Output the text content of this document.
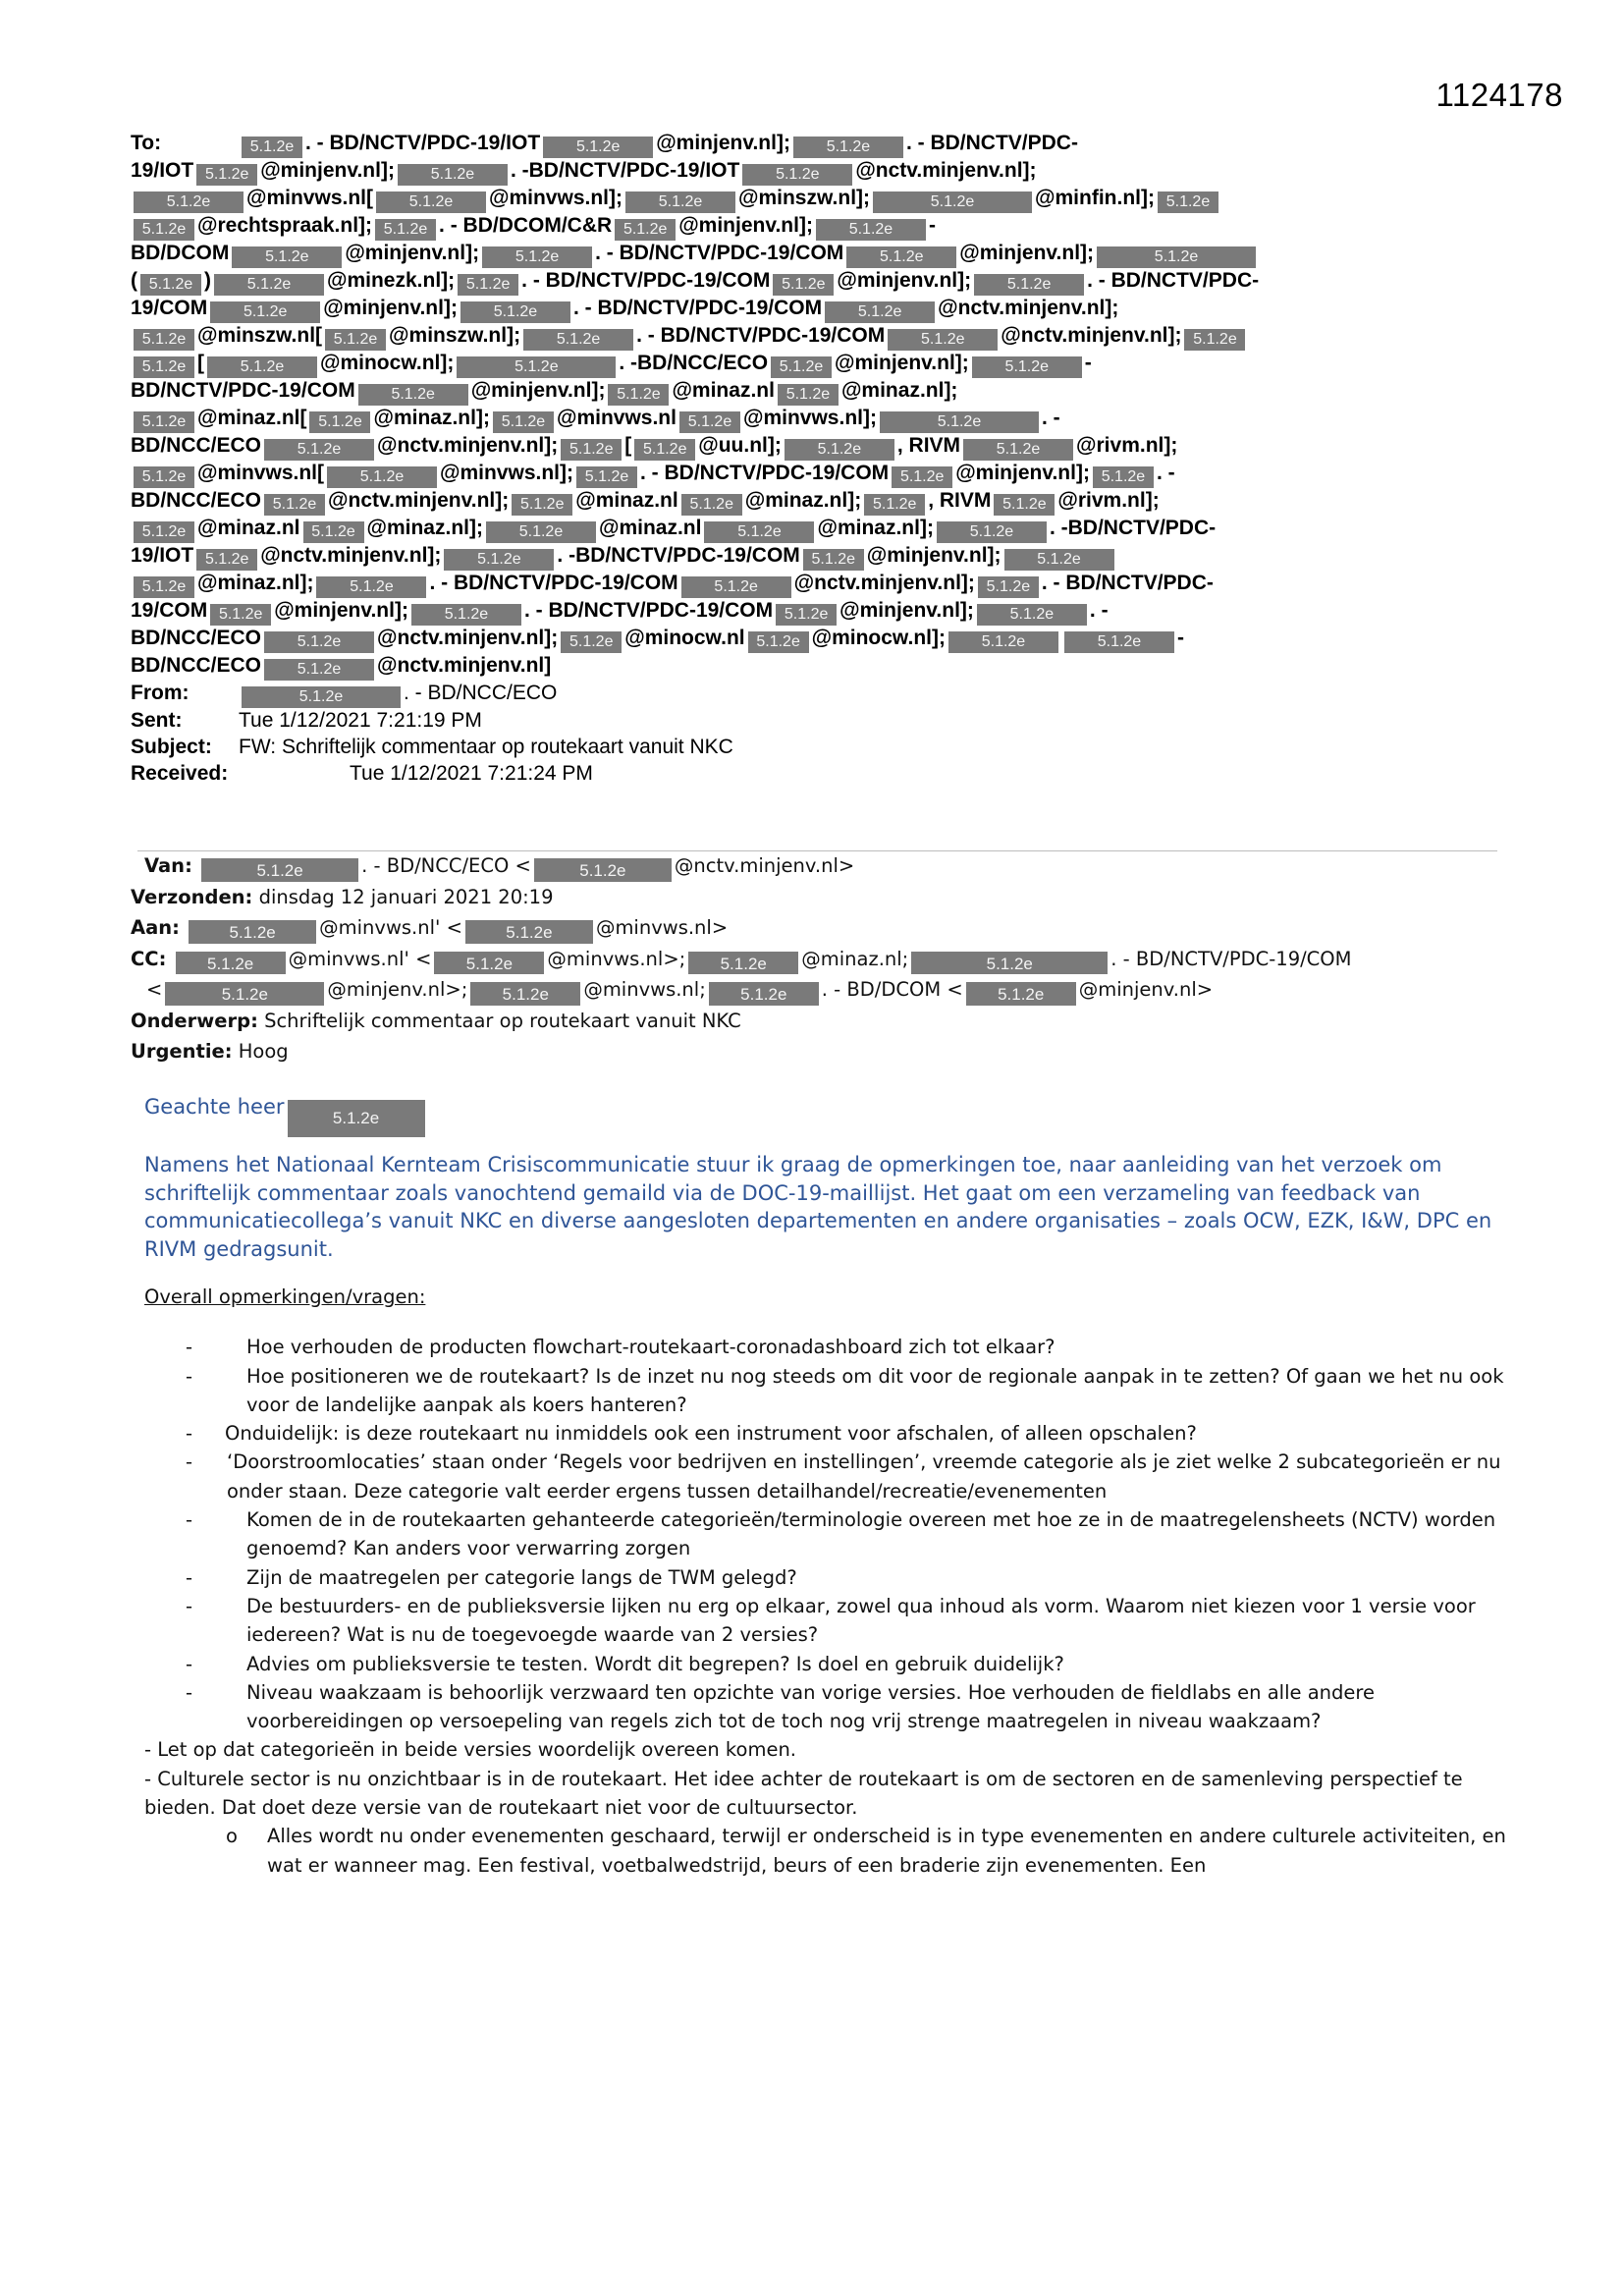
1124178
To:	5.1.2e . - BD/NCTV/PDC-19/IOT 5.1.2e @minjenv.nl]; 5.1.2e . - BD/NCTV/PDC-
19/IOT 5.1.2e @minjenv.nl]; 5.1.2e . -BD/NCTV/PDC-19/IOT 5.1.2e @nctv.minjenv.nl];
5.1.2e @minvws.nl[ 5.1.2e @minvws.nl]; 5.1.2e @minszw.nl];	5.1.2e	@minfin.nl]; 5.1.2e
5.1.2e @rechtspraak.nl]; 5.1.2e . - BD/DCOM/C&R 5.1.2e @minjenv.nl]; 5.1.2e -
BD/DCOM 5.1.2e @minjenv.nl]; 5.1.2e . - BD/NCTV/PDC-19/COM 5.1.2e @minjenv.nl];	5.1.2e
( 5.1.2e ) 5.1.2e @minezk.nl]; 5.1.2e . - BD/NCTV/PDC-19/COM 5.1.2e @minjenv.nl]; 5.1.2e . - BD/NCTV/PDC-
19/COM 5.1.2e @minjenv.nl]; 5.1.2e . - BD/NCTV/PDC-19/COM 5.1.2e @nctv.minjenv.nl];
5.1.2e @minszw.nl[ 5.1.2e @minszw.nl]; 5.1.2e . - BD/NCTV/PDC-19/COM 5.1.2e @nctv.minjenv.nl]; 5.1.2e
5.1.2e [ 5.1.2e @minocw.nl];	5.1.2e	. -BD/NCC/ECO 5.1.2e @minjenv.nl]; 5.1.2e -
BD/NCTV/PDC-19/COM 5.1.2e @minjenv.nl]; 5.1.2e @minaz.nl 5.1.2e @minaz.nl];
5.1.2e @minaz.nl[ 5.1.2e @minaz.nl]; 5.1.2e @minvws.nl 5.1.2e @minvws.nl];	5.1.2e	. -
BD/NCC/ECO 5.1.2e @nctv.minjenv.nl]; 5.1.2e [ 5.1.2e @uu.nl]; 5.1.2e , RIVM 5.1.2e @rivm.nl];
5.1.2e @minvws.nl[ 5.1.2e @minvws.nl]; 5.1.2e . - BD/NCTV/PDC-19/COM 5.1.2e @minjenv.nl]; 5.1.2e . -
BD/NCC/ECO 5.1.2e @nctv.minjenv.nl]; 5.1.2e @minaz.nl 5.1.2e @minaz.nl]; 5.1.2e , RIVM 5.1.2e @rivm.nl];
5.1.2e @minaz.nl 5.1.2e @minaz.nl]; 5.1.2e @minaz.nl 5.1.2e @minaz.nl]; 5.1.2e . -BD/NCTV/PDC-
19/IOT 5.1.2e @nctv.minjenv.nl]; 5.1.2e . -BD/NCTV/PDC-19/COM 5.1.2e @minjenv.nl]; 5.1.2e
5.1.2e @minaz.nl]; 5.1.2e . - BD/NCTV/PDC-19/COM 5.1.2e @nctv.minjenv.nl]; 5.1.2e . - BD/NCTV/PDC-
19/COM 5.1.2e @minjenv.nl]; 5.1.2e . - BD/NCTV/PDC-19/COM 5.1.2e @minjenv.nl]; 5.1.2e . -
BD/NCC/ECO 5.1.2e @nctv.minjenv.nl]; 5.1.2e @minocw.nl 5.1.2e @minocw.nl]; 5.1.2e	5.1.2e -
BD/NCC/ECO 5.1.2e @nctv.minjenv.nl]
From:	5.1.2e	. - BD/NCC/ECO
Sent:	Tue 1/12/2021 7:21:19 PM
Subject: FW: Schriftelijk commentaar op routekaart vanuit NKC
Received:	Tue 1/12/2021 7:21:24 PM
Van:	5.1.2e	. - BD/NCC/ECO <	5.1.2e	@nctv.minjenv.nl>
Verzonden: dinsdag 12 januari 2021 20:19
Aan:	5.1.2e @minvws.nl' <	5.1.2e @minvws.nl>
CC: 5.1.2e @minvws.nl' < 5.1.2e @minvws.nl>; 5.1.2e @minaz.nl;	5.1.2e	. - BD/NCTV/PDC-19/COM
<	5.1.2e	@minjenv.nl>; 5.1.2e @minvws.nl; 5.1.2e . - BD/DCOM < 5.1.2e @minjenv.nl>
Onderwerp: Schriftelijk commentaar op routekaart vanuit NKC
Urgentie: Hoog
Geachte heer	5.1.2e
Namens het Nationaal Kernteam Crisiscommunicatie stuur ik graag de opmerkingen toe, naar aanleiding van het verzoek om schriftelijk commentaar zoals vanochtend gemaild via de DOC-19-maillijst. Het gaat om een verzameling van feedback van communicatiecollega’s vanuit NKC en diverse aangesloten departementen en andere organisaties – zoals OCW, EZK, I&W, DPC en RIVM gedragsunit.
Overall opmerkingen/vragen:
-	Hoe verhouden de producten flowchart-routekaart-coronadashboard zich tot elkaar?
-	Hoe positioneren we de routekaart? Is de inzet nu nog steeds om dit voor de regionale aanpak in te zetten? Of gaan we het nu ook voor de landelijke aanpak als koers hanteren?
- Onduidelijk: is deze routekaart nu inmiddels ook een instrument voor afschalen, of alleen opschalen?
- ‘Doorstroomlocaties’ staan onder ‘Regels voor bedrijven en instellingen’, vreemde categorie als je ziet welke 2 subcategorieën er nu onder staan. Deze categorie valt eerder ergens tussen detailhandel/recreatie/evenementen
-	Komen de in de routekaarten gehanteerde categorieën/terminologie overeen met hoe ze in de maatregelensheets (NCTV) worden genoemd? Kan anders voor verwarring zorgen
-	Zijn de maatregelen per categorie langs de TWM gelegd?
-	De bestuurders- en de publieksversie lijken nu erg op elkaar, zowel qua inhoud als vorm. Waarom niet kiezen voor 1 versie voor iedereen? Wat is nu de toegevoegde waarde van 2 versies?
-	Advies om publieksversie te testen. Wordt dit begrepen? Is doel en gebruik duidelijk?
-	Niveau waakzaam is behoorlijk verzwaard ten opzichte van vorige versies. Hoe verhouden de fieldlabs en alle andere voorbereidingen op versoepeling van regels zich tot de toch nog vrij strenge maatregelen in niveau waakzaam?
- Let op dat categorieën in beide versies woordelijk overeen komen.
- Culturele sector is nu onzichtbaar is in de routekaart. Het idee achter de routekaart is om de sectoren en de samenleving perspectief te bieden. Dat doet deze versie van de routekaart niet voor de cultuursector.
o Alles wordt nu onder evenementen geschaard, terwijl er onderscheid is in type evenementen en andere culturele activiteiten, en wat er wanneer mag. Een festival, voetbalwedstrijd, beurs of een braderie zijn evenementen. Een
